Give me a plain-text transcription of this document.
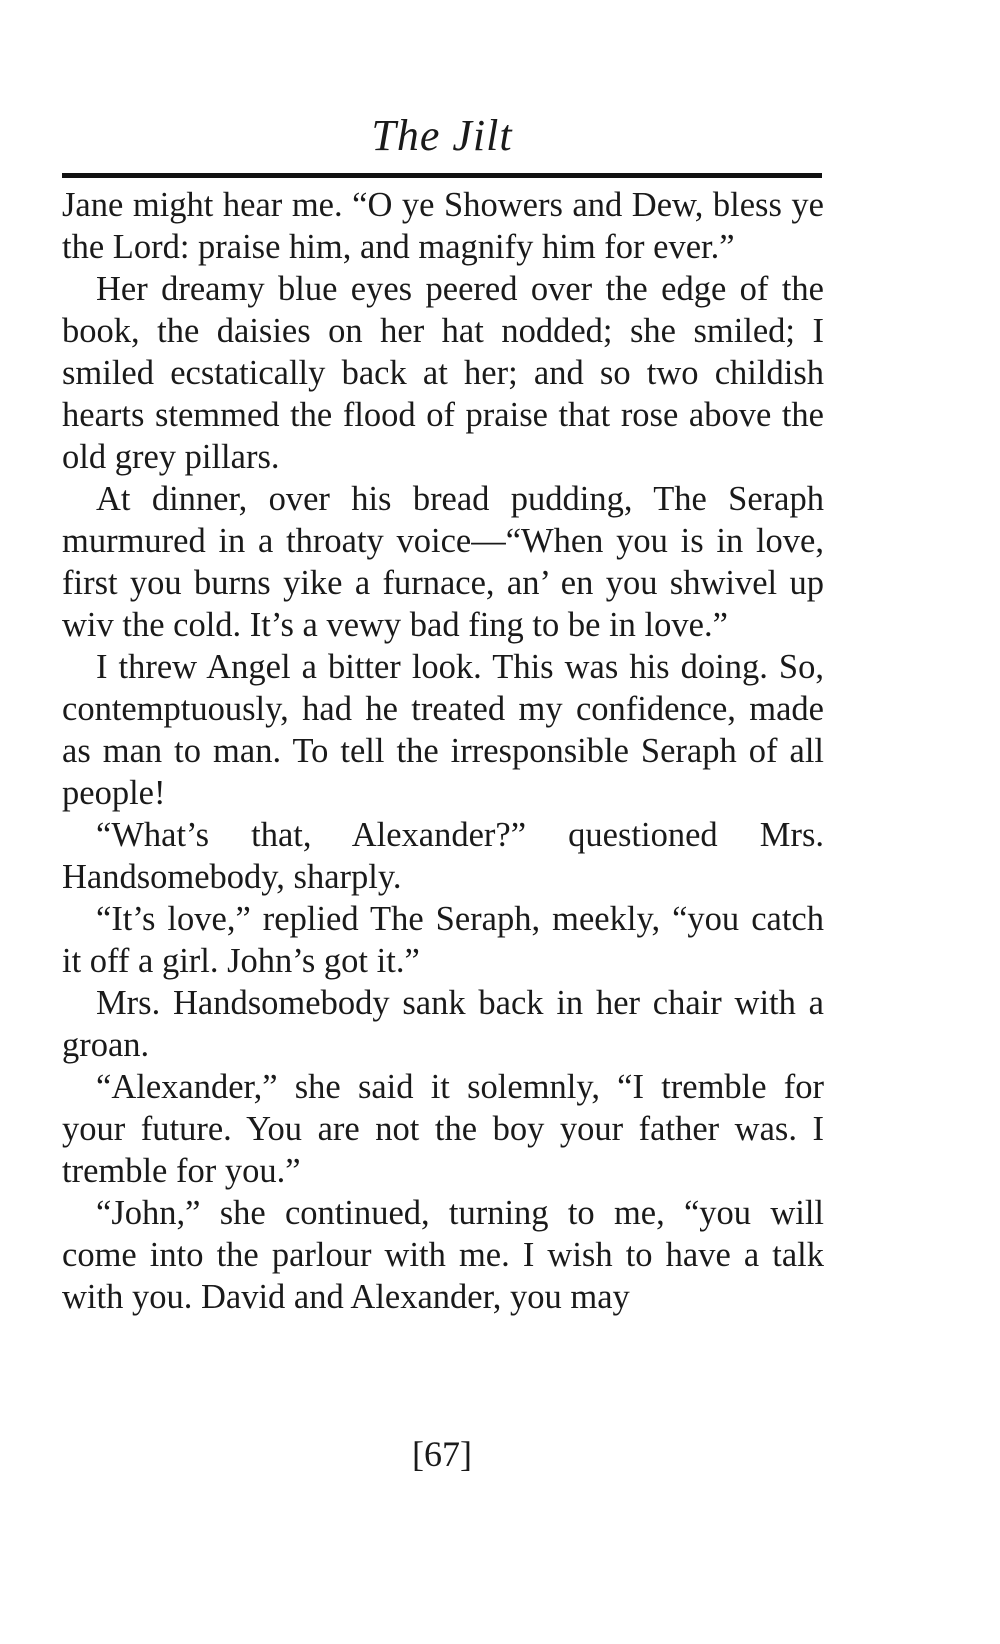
The Jilt

Jane might hear me. “O ye Showers and Dew, bless ye the Lord: praise him, and magnify him for ever.”

Her dreamy blue eyes peered over the edge of the book, the daisies on her hat nodded; she smiled; I smiled ecstatically back at her; and so two childish hearts stemmed the flood of praise that rose above the old grey pillars.

At dinner, over his bread pudding, The Seraph murmured in a throaty voice—“When you is in love, first you burns yike a furnace, an’ en you shwivel up wiv the cold. It’s a vewy bad fing to be in love.”

I threw Angel a bitter look. This was his doing. So, contemptuously, had he treated my confidence, made as man to man. To tell the irresponsible Seraph of all people!

“What’s that, Alexander?” questioned Mrs. Handsomebody, sharply.

“It’s love,” replied The Seraph, meekly, “you catch it off a girl. John’s got it.”

Mrs. Handsomebody sank back in her chair with a groan.

“Alexander,” she said it solemnly, “I tremble for your future. You are not the boy your father was. I tremble for you.”

“John,” she continued, turning to me, “you will come into the parlour with me. I wish to have a talk with you. David and Alexander, you may

[67]
